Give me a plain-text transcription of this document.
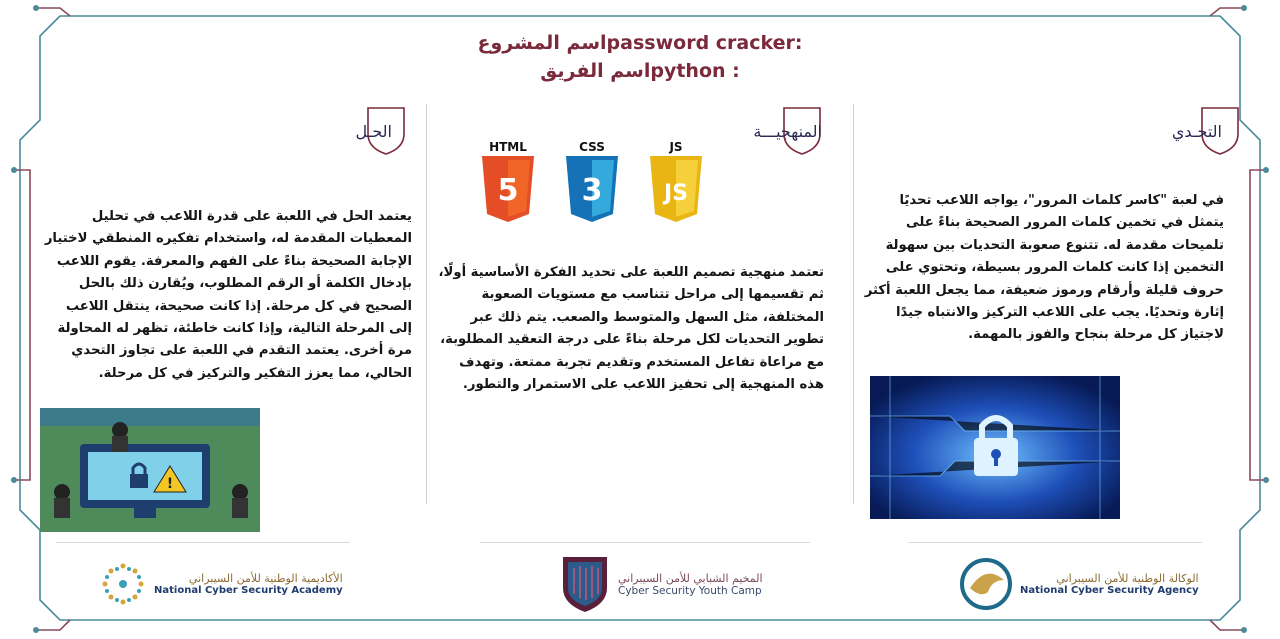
اسم المشروعpassword cracker:
اسم الفريقpython :
التحـدي
المنهجيـــة
الحـل
في لعبة "كاسر كلمات المرور"، يواجه اللاعب تحديًا يتمثل في تخمين كلمات المرور الصحيحة بناءً على تلميحات مقدمة له. تتنوع صعوبة التحديات بين سهولة التخمين إذا كانت كلمات المرور بسيطة، وتحتوي على حروف قليلة وأرقام ورموز ضعيفة، مما يجعل اللعبة أكثر إثارة وتحديًا. يجب على اللاعب التركيز والانتباه جيدًا لاجتياز كل مرحلة بنجاح والفوز بالمهمة.
HTML
5
CSS
3
JS
JS
تعتمد منهجية تصميم اللعبة على تحديد الفكرة الأساسية أولًا، ثم تقسيمها إلى مراحل تتناسب مع مستويات الصعوبة المختلفة، مثل السهل والمتوسط والصعب. يتم ذلك عبر تطوير التحديات لكل مرحلة بناءً على درجة التعقيد المطلوبة، مع مراعاة تفاعل المستخدم وتقديم تجربة ممتعة. وتهدف هذه المنهجية إلى تحفيز اللاعب على الاستمرار والتطور.
يعتمد الحل في اللعبة على قدرة اللاعب في تحليل المعطيات المقدمة له، واستخدام تفكيره المنطقي لاختيار الإجابة الصحيحة بناءً على الفهم والمعرفة. يقوم اللاعب بإدخال الكلمة أو الرقم المطلوب، ويُقارن ذلك بالحل الصحيح في كل مرحلة. إذا كانت صحيحة، ينتقل اللاعب إلى المرحلة التالية، وإذا كانت خاطئة، تظهر له المحاولة مرة أخرى. يعتمد التقدم في اللعبة على تجاوز التحدي الحالي، مما يعزز التفكير والتركيز في كل مرحلة.
!
الوكالة الوطنية للأمن السيبراني
National Cyber Security Agency
المخيم الشبابي للأمن السيبراني
Cyber Security Youth Camp
الأكاديمية الوطنية للأمن السيبراني
National Cyber Security Academy
